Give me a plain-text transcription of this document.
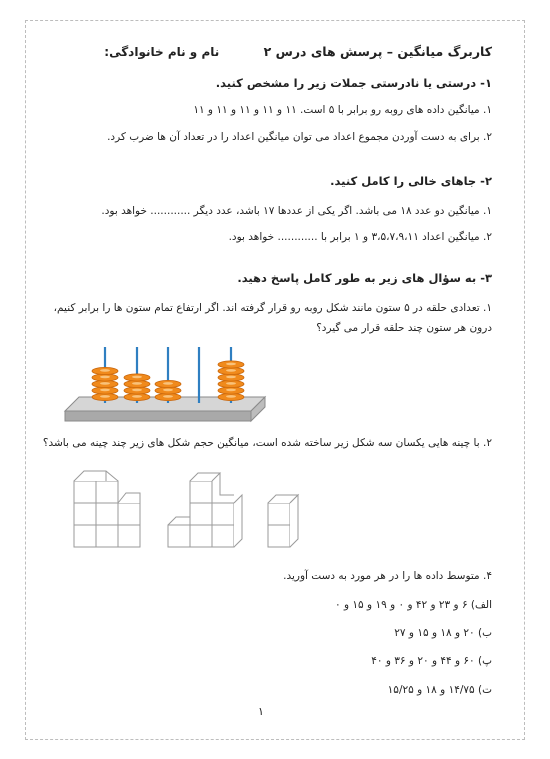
کاربرگ میانگین – پرسش های درس ۲ نام و نام خانوادگی:
۱- درستی یا نادرستی جملات زیر را مشخص کنید.
۱. میانگین داده های روبه رو برابر با ۵ است. ۱۱ و ۱۱ و ۱۱ و ۱۱ و ۱۱
۲. برای به دست آوردن مجموع اعداد می توان میانگین اعداد را در تعداد آن ها ضرب کرد.
۲- جاهای خالی را کامل کنید.
۱. میانگین دو عدد ۱۸ می باشد. اگر یکی از عددها ۱۷ باشد، عدد دیگر ............ خواهد بود.
۲. میانگین اعداد ۳،۵،۷،۹،۱۱ و ۱ برابر با ............ خواهد بود.
۳- به سؤال های زیر به طور کامل پاسخ دهید.
۱. تعدادی حلقه در ۵ ستون مانند شکل روبه رو قرار گرفته اند. اگر ارتفاع تمام ستون ها را برابر کنیم، درون هر ستون چند حلقه قرار می گیرد؟
۲. با چینه هایی یکسان سه شکل زیر ساخته شده است، میانگین حجم شکل های زیر چند چینه می باشد؟
۴. متوسط داده ها را در هر مورد به دست آورید.
الف) ۶ و ۲۳ و ۴۲ و ۰ و ۱۹ و ۱۵ و ۰
ب) ۲۰ و ۱۸ و ۱۵ و ۲۷
پ) ۶۰ و ۴۴ و ۲۰ و ۳۶ و ۴۰
ت) ۱۴/۷۵ و ۱۸ و ۱۵/۲۵
۱
